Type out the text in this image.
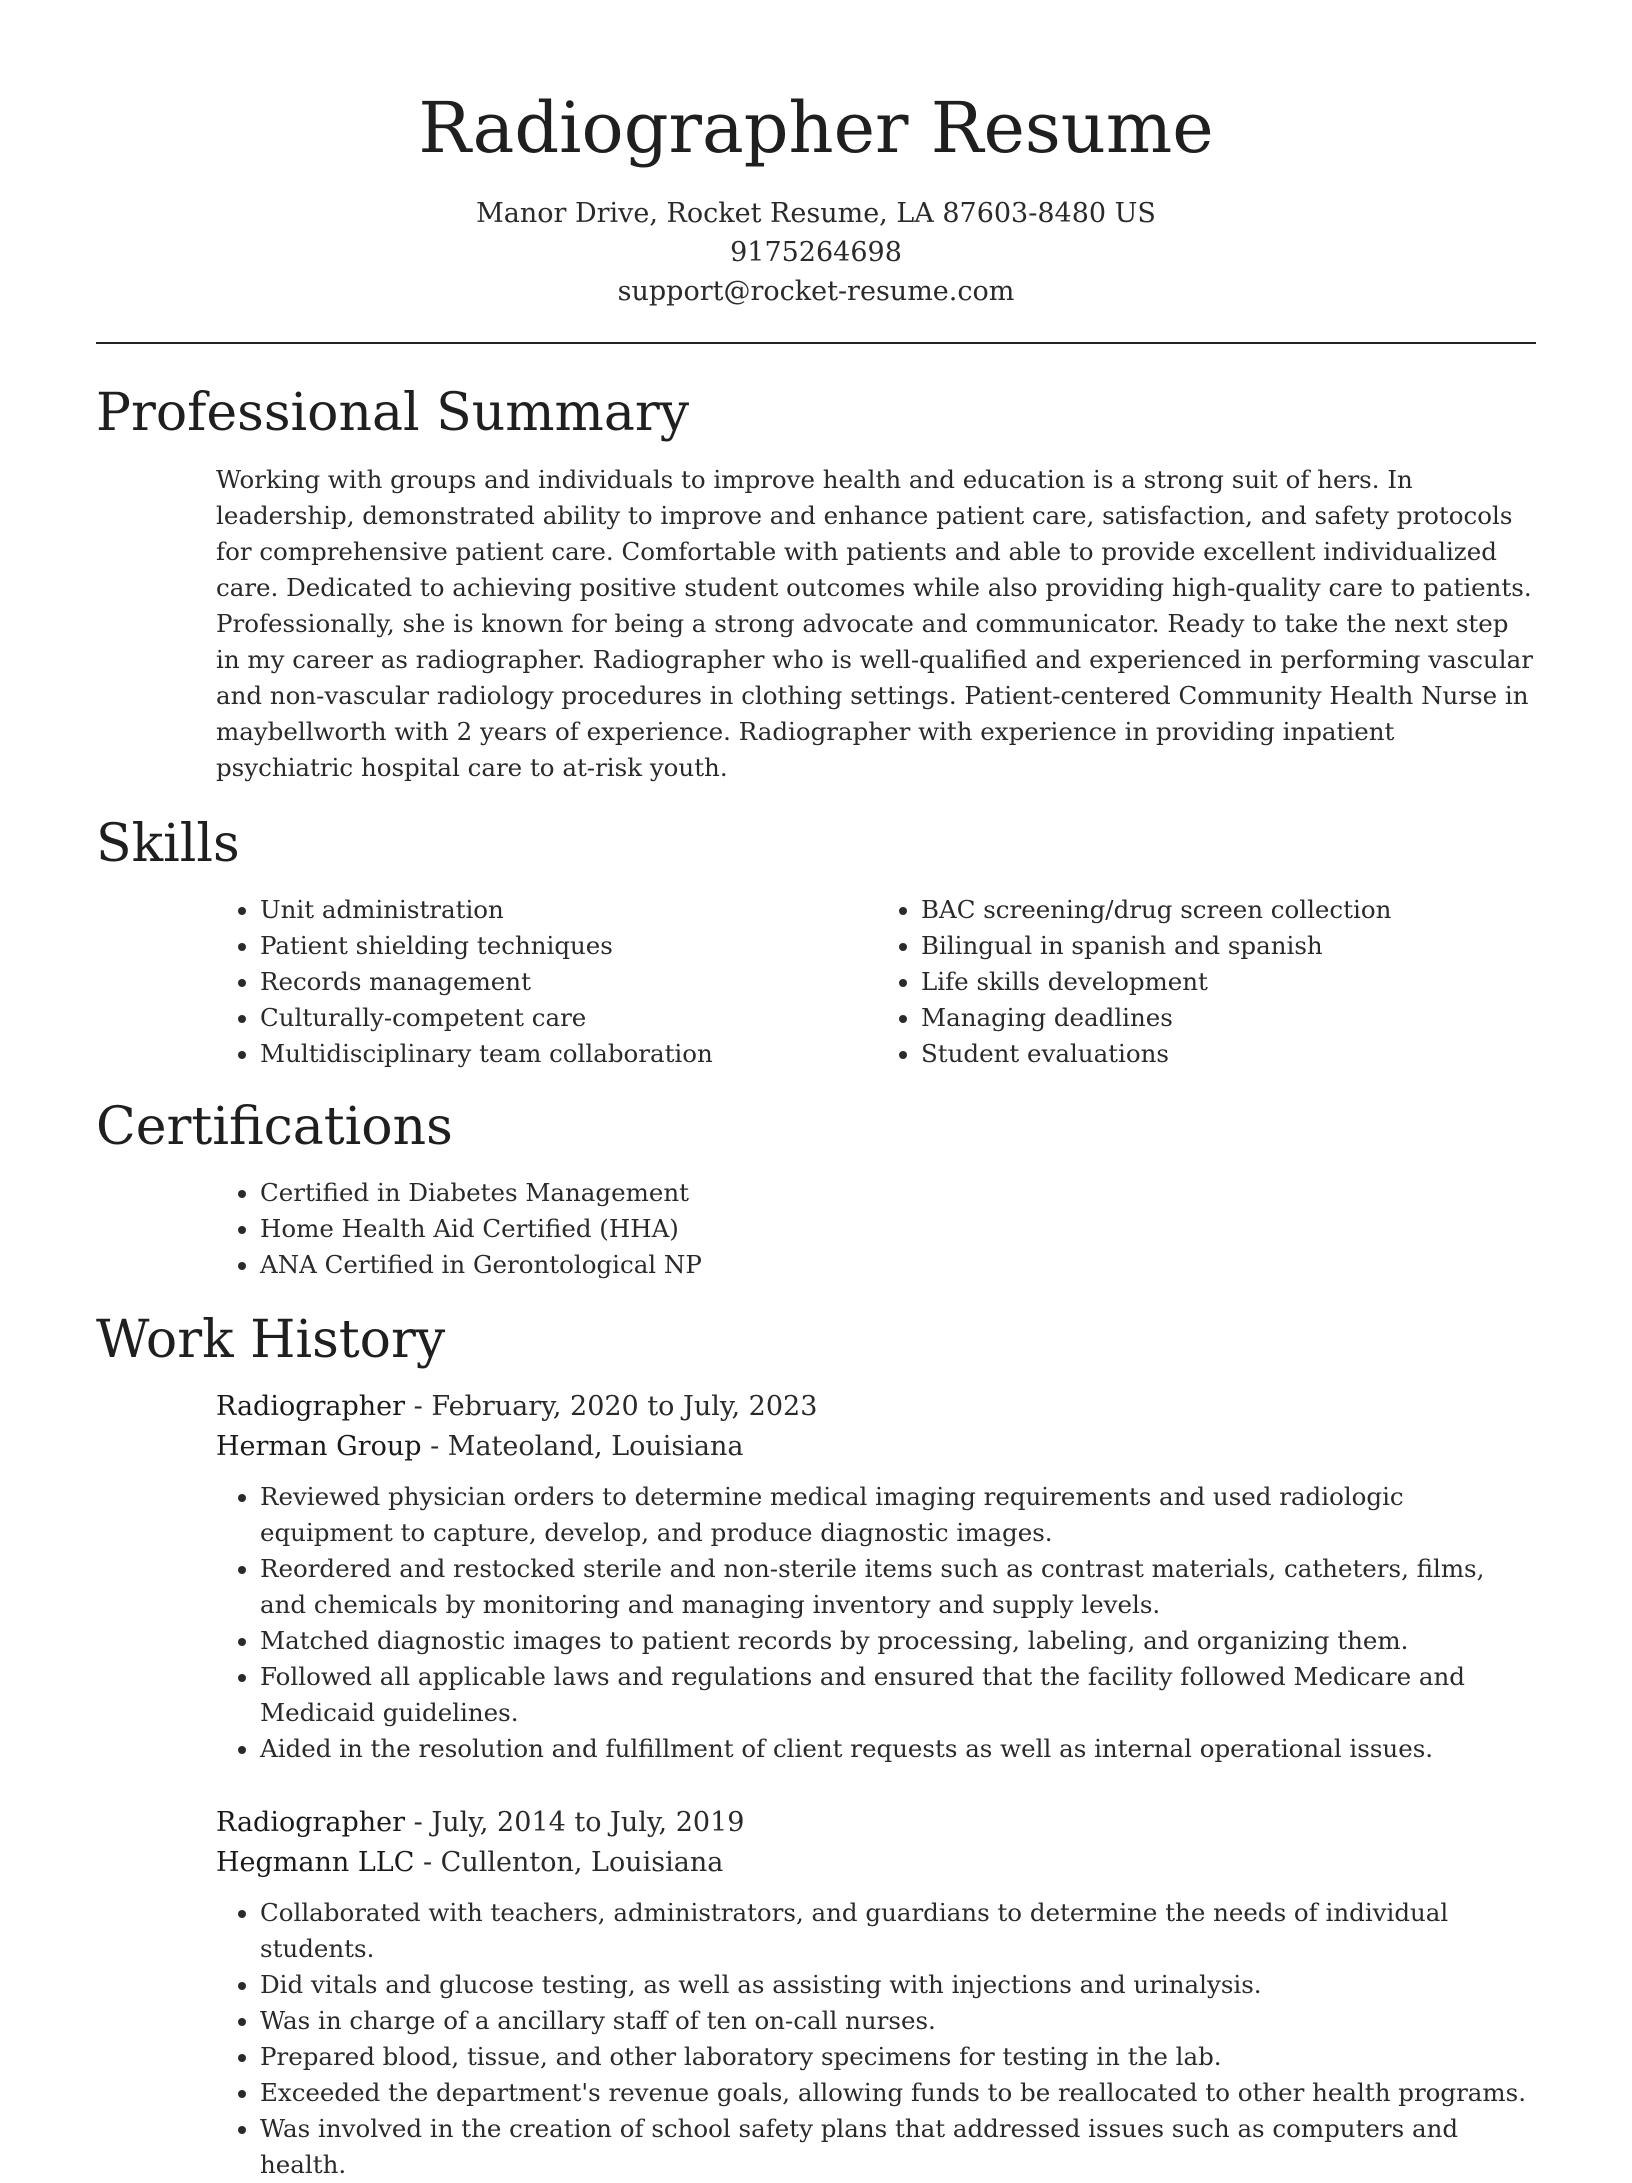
Radiographer Resume
Manor Drive, Rocket Resume, LA 87603-8480 US
9175264698
support@rocket-resume.com
Professional Summary

Working with groups and individuals to improve health and education is a strong suit of hers. In leadership, demonstrated ability to improve and enhance patient care, satisfaction, and safety protocols for comprehensive patient care. Comfortable with patients and able to provide excellent individualized care. Dedicated to achieving positive student outcomes while also providing high-quality care to patients. Professionally, she is known for being a strong advocate and communicator. Ready to take the next step in my career as radiographer. Radiographer who is well-qualified and experienced in performing vascular and non-vascular radiology procedures in clothing settings. Patient-centered Community Health Nurse in maybellworth with 2 years of experience. Radiographer with experience in providing inpatient psychiatric hospital care to at-risk youth.

Skills
• Unit administration
• Patient shielding techniques
• Records management
• Culturally-competent care
• Multidisciplinary team collaboration
• BAC screening/drug screen collection
• Bilingual in spanish and spanish
• Life skills development
• Managing deadlines
• Student evaluations
Certifications
• Certified in Diabetes Management
• Home Health Aid Certified (HHA)
• ANA Certified in Gerontological NP
Work History
Radiographer - February, 2020 to July, 2023
Herman Group - Mateoland, Louisiana
• Reviewed physician orders to determine medical imaging requirements and used radiologic equipment to capture, develop, and produce diagnostic images.
• Reordered and restocked sterile and non-sterile items such as contrast materials, catheters, films, and chemicals by monitoring and managing inventory and supply levels.
• Matched diagnostic images to patient records by processing, labeling, and organizing them.
• Followed all applicable laws and regulations and ensured that the facility followed Medicare and Medicaid guidelines.
• Aided in the resolution and fulfillment of client requests as well as internal operational issues.
Radiographer - July, 2014 to July, 2019
Hegmann LLC - Cullenton, Louisiana
• Collaborated with teachers, administrators, and guardians to determine the needs of individual students.
• Did vitals and glucose testing, as well as assisting with injections and urinalysis.
• Was in charge of a ancillary staff of ten on-call nurses.
• Prepared blood, tissue, and other laboratory specimens for testing in the lab.
• Exceeded the department's revenue goals, allowing funds to be reallocated to other health programs.
• Was involved in the creation of school safety plans that addressed issues such as computers and health.
